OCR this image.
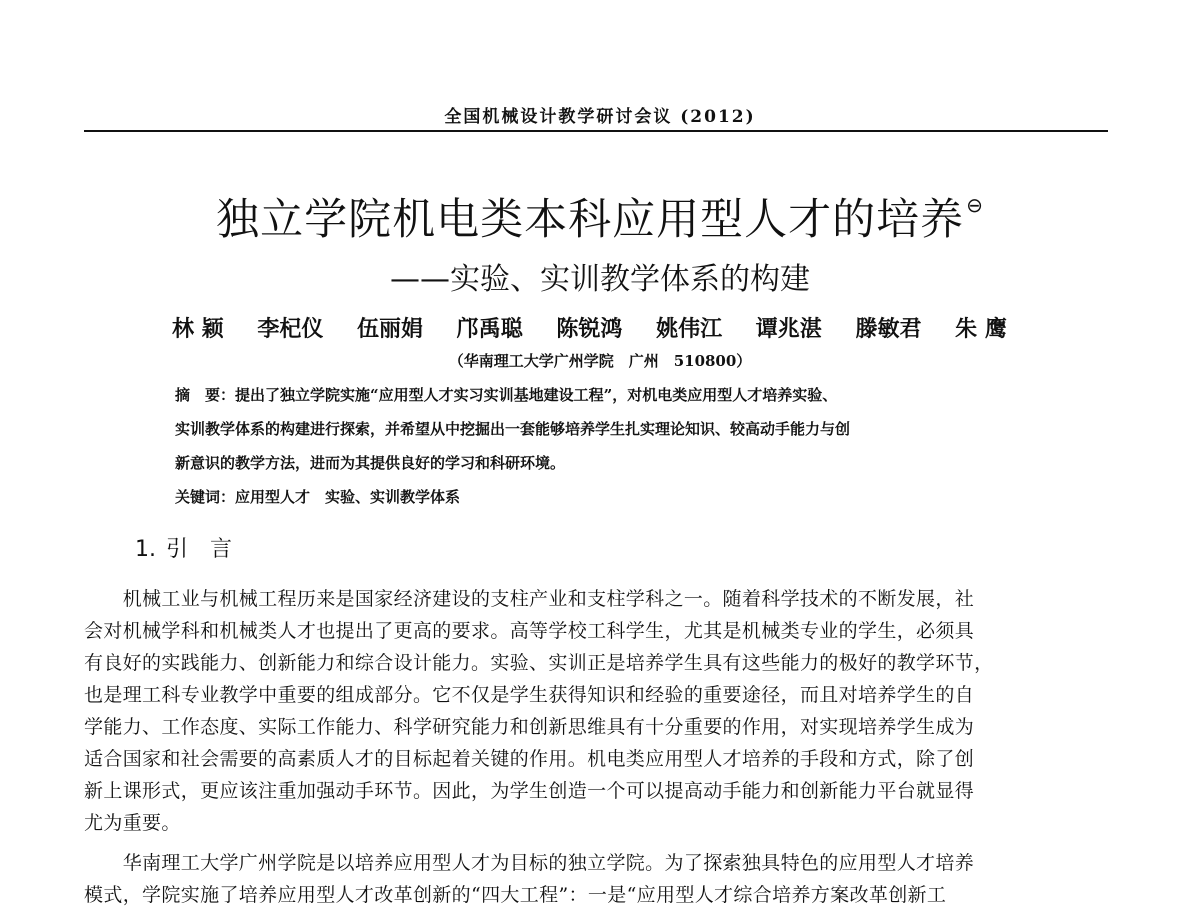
全国机械设计教学研讨会议 (2012)
独立学院机电类本科应用型人才的培养 ⊖
——实验、实训教学体系的构建
林 颖 李杞仪 伍丽娟 邝禹聪 陈锐鸿 姚伟江 谭兆湛 滕敏君 朱 鹰
（华南理工大学广州学院　广州　510800）
摘　要：提出了独立学院实施“应用型人才实习实训基地建设工程”，对机电类应用型人才培养实验、
实训教学体系的构建进行探索，并希望从中挖掘出一套能够培养学生扎实理论知识、较高动手能力与创
新意识的教学方法，进而为其提供良好的学习和科研环境。
关键词：应用型人才　实验、实训教学体系
1. 引　言
　　机械工业与机械工程历来是国家经济建设的支柱产业和支柱学科之一。随着科学技术的不断发展，社
会对机械学科和机械类人才也提出了更高的要求。高等学校工科学生，尤其是机械类专业的学生，必须具
有良好的实践能力、创新能力和综合设计能力。实验、实训正是培养学生具有这些能力的极好的教学环节，
也是理工科专业教学中重要的组成部分。它不仅是学生获得知识和经验的重要途径，而且对培养学生的自
学能力、工作态度、实际工作能力、科学研究能力和创新思维具有十分重要的作用，对实现培养学生成为
适合国家和社会需要的高素质人才的目标起着关键的作用。机电类应用型人才培养的手段和方式，除了创
新上课形式，更应该注重加强动手环节。因此，为学生创造一个可以提高动手能力和创新能力平台就显得
尤为重要。
　　华南理工大学广州学院是以培养应用型人才为目标的独立学院。为了探索独具特色的应用型人才培养
模式，学院实施了培养应用型人才改革创新的“四大工程”：一是“应用型人才综合培养方案改革创新工
